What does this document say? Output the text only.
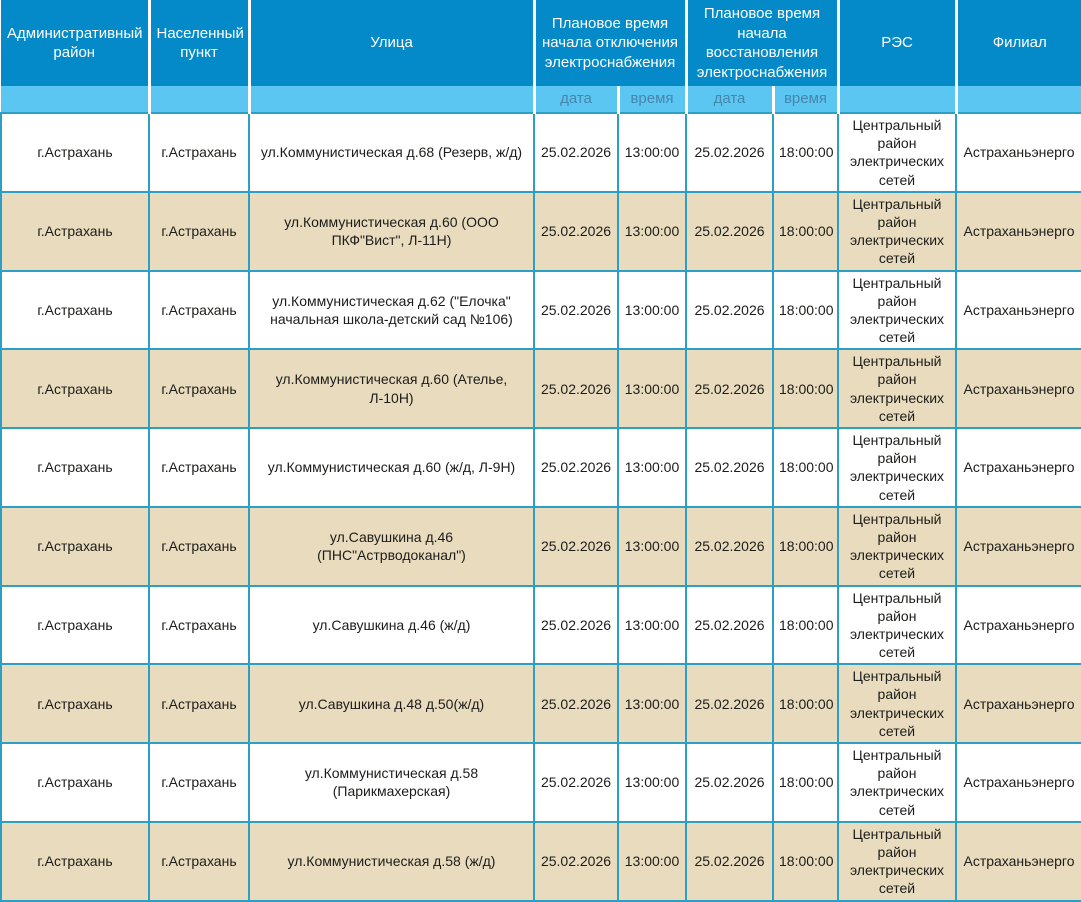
Административный район	Населенный пункт	Улица	Плановое время начала отключения электроснабжения		Плановое время начала восстановления электроснабжения		РЭС	Филиал
			дата	время	дата	время		
г.Астрахань	г.Астрахань	ул.Коммунистическая д.68 (Резерв, ж/д)	25.02.2026	13:00:00	25.02.2026	18:00:00	Центральный район электрических сетей	Астраханьэнерго
г.Астрахань	г.Астрахань	ул.Коммунистическая д.60 (ООО ПКФ"Вист", Л-11Н)	25.02.2026	13:00:00	25.02.2026	18:00:00	Центральный район электрических сетей	Астраханьэнерго
г.Астрахань	г.Астрахань	ул.Коммунистическая д.62 ("Елочка" начальная школа-детский сад №106)	25.02.2026	13:00:00	25.02.2026	18:00:00	Центральный район электрических сетей	Астраханьэнерго
г.Астрахань	г.Астрахань	ул.Коммунистическая д.60 (Ателье, Л-10Н)	25.02.2026	13:00:00	25.02.2026	18:00:00	Центральный район электрических сетей	Астраханьэнерго
г.Астрахань	г.Астрахань	ул.Коммунистическая д.60 (ж/д, Л-9Н)	25.02.2026	13:00:00	25.02.2026	18:00:00	Центральный район электрических сетей	Астраханьэнерго
г.Астрахань	г.Астрахань	ул.Савушкина д.46 (ПНС"Астрводоканал")	25.02.2026	13:00:00	25.02.2026	18:00:00	Центральный район электрических сетей	Астраханьэнерго
г.Астрахань	г.Астрахань	ул.Савушкина д.46 (ж/д)	25.02.2026	13:00:00	25.02.2026	18:00:00	Центральный район электрических сетей	Астраханьэнерго
г.Астрахань	г.Астрахань	ул.Савушкина д.48 д.50(ж/д)	25.02.2026	13:00:00	25.02.2026	18:00:00	Центральный район электрических сетей	Астраханьэнерго
г.Астрахань	г.Астрахань	ул.Коммунистическая д.58 (Парикмахерская)	25.02.2026	13:00:00	25.02.2026	18:00:00	Центральный район электрических сетей	Астраханьэнерго
г.Астрахань	г.Астрахань	ул.Коммунистическая д.58 (ж/д)	25.02.2026	13:00:00	25.02.2026	18:00:00	Центральный район электрических сетей	Астраханьэнерго
